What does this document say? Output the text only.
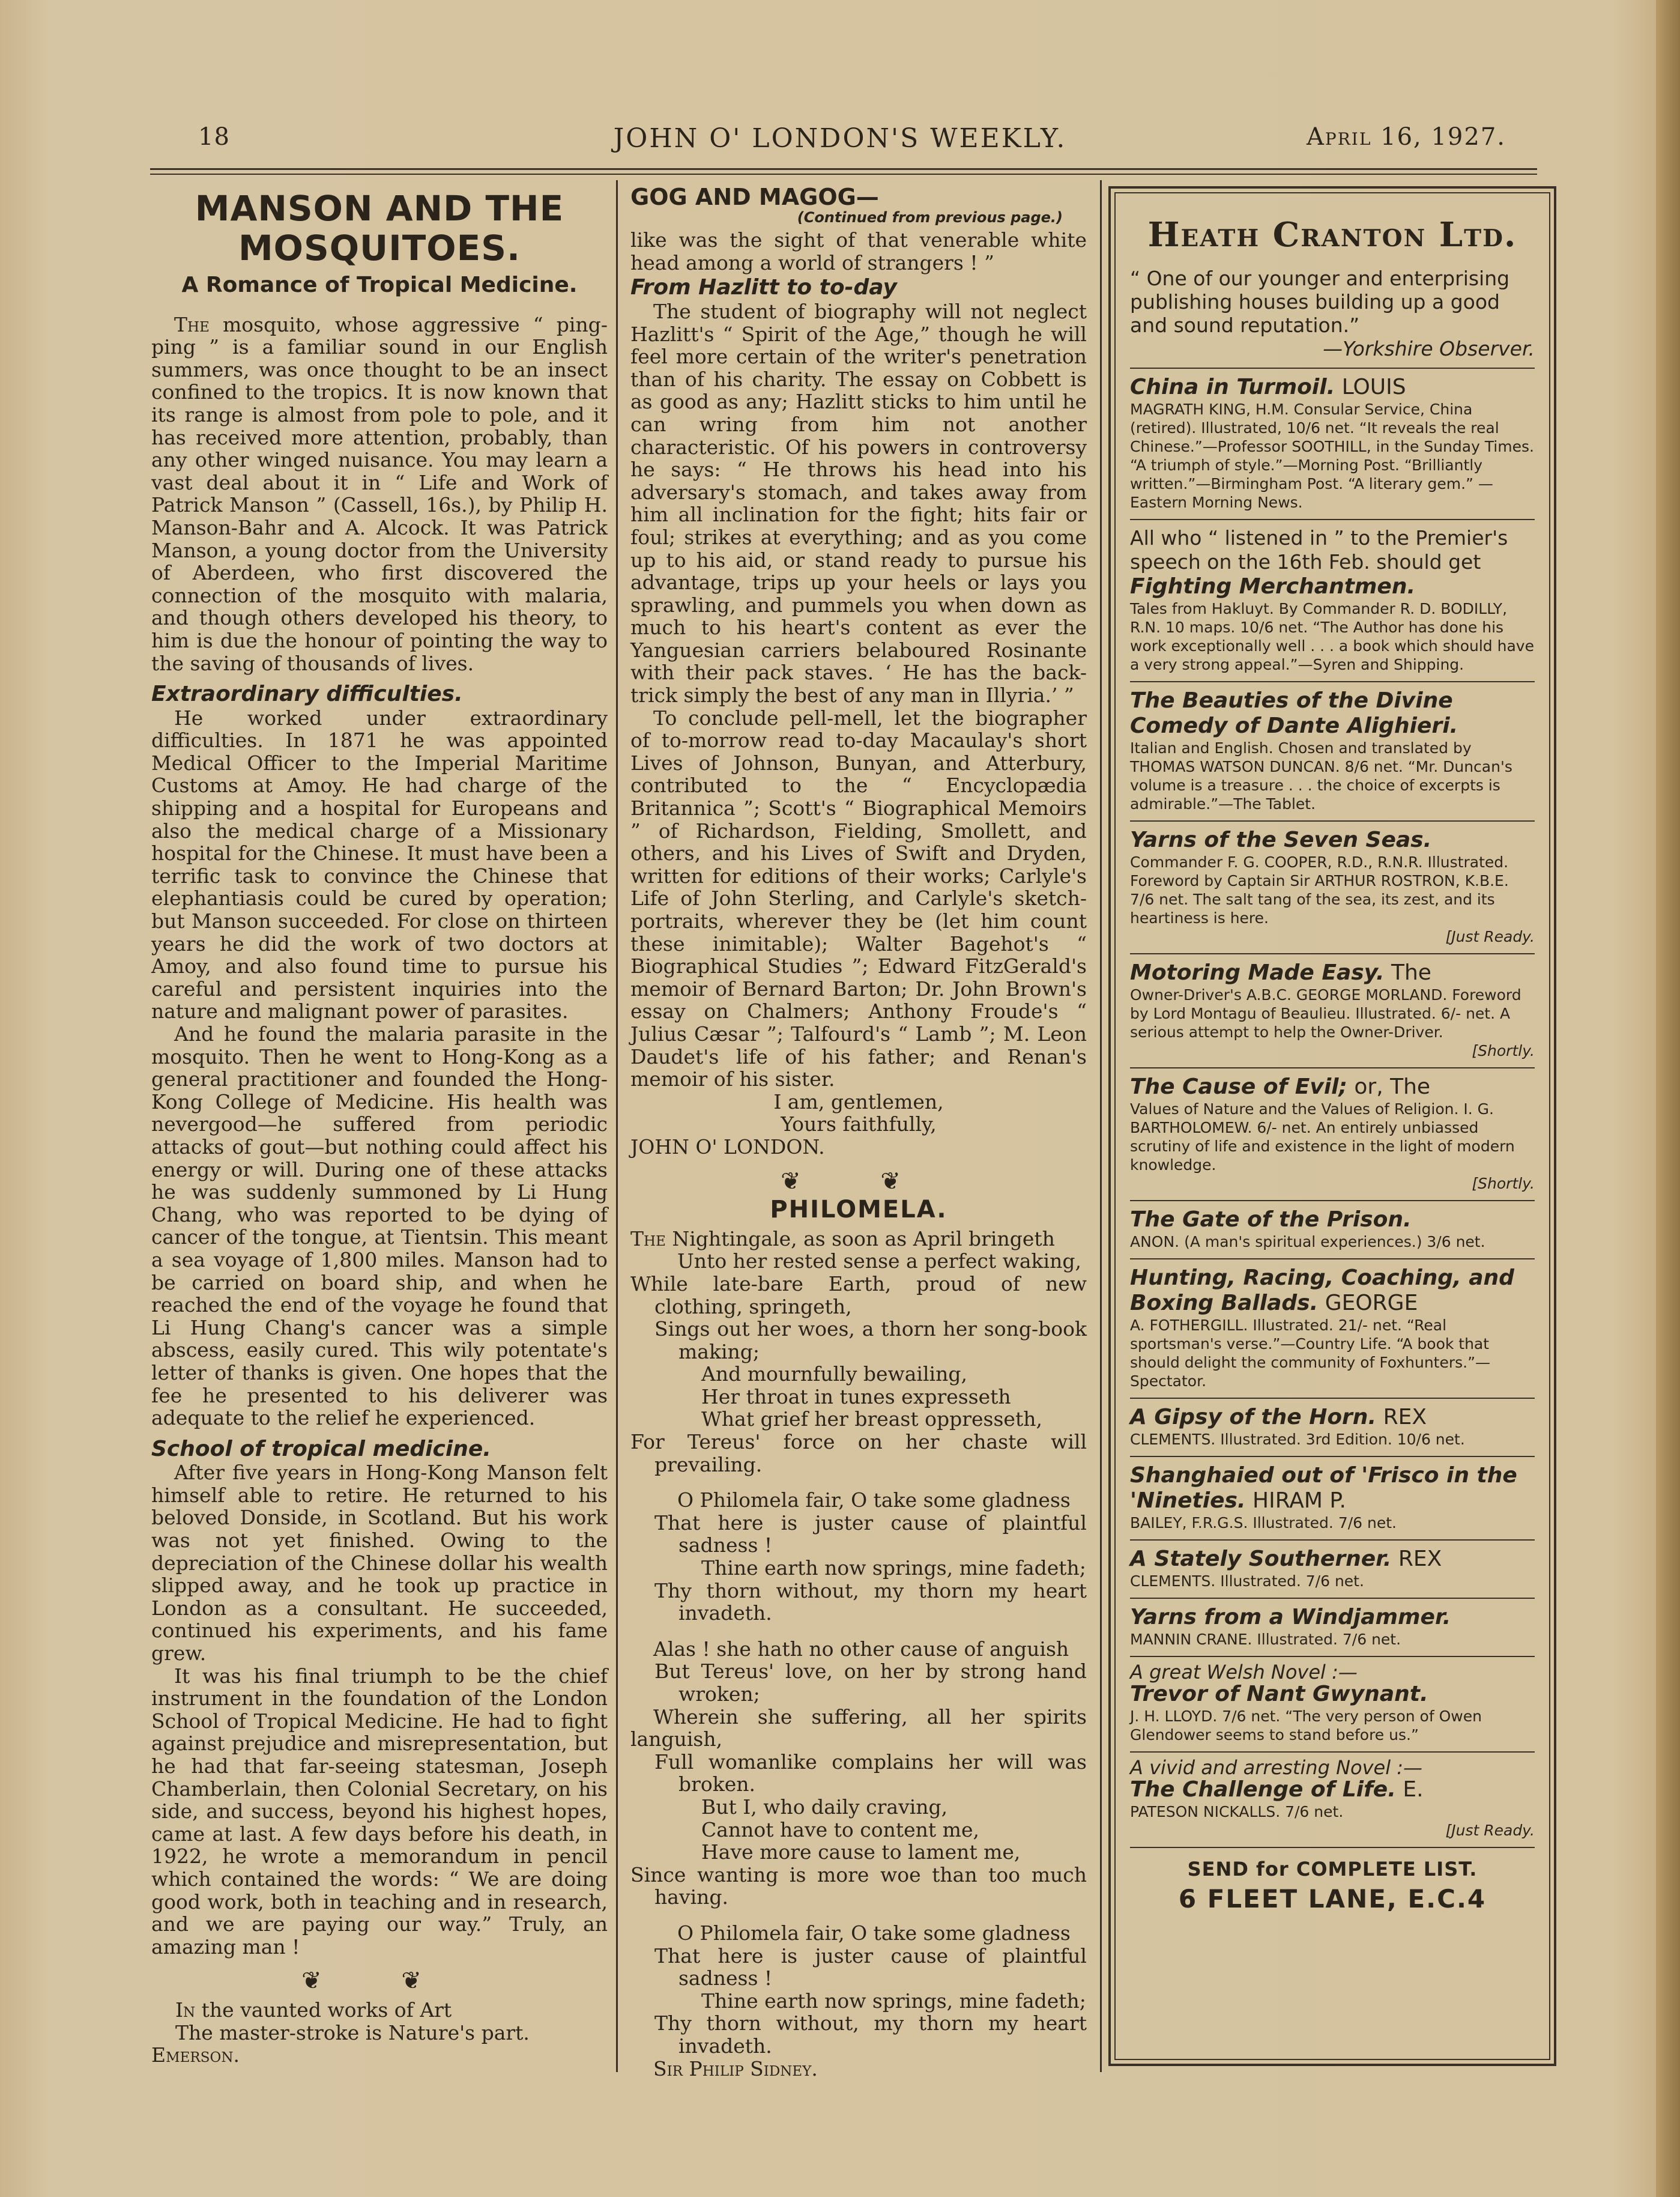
18	JOHN O' LONDON'S WEEKLY.	April 16, 1927.
MANSON AND THE MOSQUITOES.
A Romance of Tropical Medicine.

The mosquito, whose aggressive “ ping-ping ” is a familiar sound in our English summers, was once thought to be an insect confined to the tropics. It is now known that its range is almost from pole to pole, and it has received more attention, probably, than any other winged nuisance. You may learn a vast deal about it in “ Life and Work of Patrick Manson ” (Cassell, 16s.), by Philip H. Manson-Bahr and A. Alcock. It was Patrick Manson, a young doctor from the University of Aberdeen, who first discovered the connection of the mosquito with malaria, and though others developed his theory, to him is due the honour of pointing the way to the saving of thousands of lives.

Extraordinary difficulties.

He worked under extraordinary difficulties. In 1871 he was appointed Medical Officer to the Imperial Maritime Customs at Amoy. He had charge of the shipping and a hospital for Europeans and also the medical charge of a Missionary hospital for the Chinese. It must have been a terrific task to convince the Chinese that elephantiasis could be cured by operation; but Manson succeeded. For close on thirteen years he did the work of two doctors at Amoy, and also found time to pursue his careful and persistent inquiries into the nature and malignant power of parasites.

And he found the malaria parasite in the mosquito. Then he went to Hong-Kong as a general practitioner and founded the Hong-Kong College of Medicine. His health was nevergood—he suffered from periodic attacks of gout—but nothing could affect his energy or will. During one of these attacks he was suddenly summoned by Li Hung Chang, who was reported to be dying of cancer of the tongue, at Tientsin. This meant a sea voyage of 1,800 miles. Manson had to be carried on board ship, and when he reached the end of the voyage he found that Li Hung Chang's cancer was a simple abscess, easily cured. This wily potentate's letter of thanks is given. One hopes that the fee he presented to his deliverer was adequate to the relief he experienced.

School of tropical medicine.

After five years in Hong-Kong Manson felt himself able to retire. He returned to his beloved Donside, in Scotland. But his work was not yet finished. Owing to the depreciation of the Chinese dollar his wealth slipped away, and he took up practice in London as a consultant. He succeeded, continued his experiments, and his fame grew.

It was his final triumph to be the chief instrument in the foundation of the London School of Tropical Medicine. He had to fight against prejudice and misrepresentation, but he had that far-seeing statesman, Joseph Chamberlain, then Colonial Secretary, on his side, and success, beyond his highest hopes, came at last. A few days before his death, in 1922, he wrote a memorandum in pencil which contained the words: “ We are doing good work, both in teaching and in research, and we are paying our way.” Truly, an amazing man !

❦ ❦

In the vaunted works of Art

The master-stroke is Nature's part.

Emerson.

GOG AND MAGOG—
(Continued from previous page.)

like was the sight of that venerable white head among a world of strangers ! ”

From Hazlitt to to-day

The student of biography will not neglect Hazlitt's “ Spirit of the Age,” though he will feel more certain of the writer's penetration than of his charity. The essay on Cobbett is as good as any; Hazlitt sticks to him until he can wring from him not another characteristic. Of his powers in controversy he says: “ He throws his head into his adversary's stomach, and takes away from him all inclination for the fight; hits fair or foul; strikes at everything; and as you come up to his aid, or stand ready to pursue his advantage, trips up your heels or lays you sprawling, and pummels you when down as much to his heart's content as ever the Yanguesian carriers belaboured Rosinante with their pack staves. ‘ He has the back-trick simply the best of any man in Illyria.’ ”

To conclude pell-mell, let the biographer of to-morrow read to-day Macaulay's short Lives of Johnson, Bunyan, and Atterbury, contributed to the “ Encyclopædia Britannica ”; Scott's “ Biographical Memoirs ” of Richardson, Fielding, Smollett, and others, and his Lives of Swift and Dryden, written for editions of their works; Carlyle's Life of John Sterling, and Carlyle's sketch-portraits, wherever they be (let him count these inimitable); Walter Bagehot's “ Biographical Studies ”; Edward FitzGerald's memoir of Bernard Barton; Dr. John Brown's essay on Chalmers; Anthony Froude's “ Julius Cæsar ”; Talfourd's “ Lamb ”; M. Leon Daudet's life of his father; and Renan's memoir of his sister.

I am, gentlemen,

Yours faithfully,

JOHN O' LONDON.

❦ ❦
PHILOMELA.

The Nightingale, as soon as April bringeth

Unto her rested sense a perfect waking,

While late-bare Earth, proud of new clothing, springeth,

Sings out her woes, a thorn her song-book making;

And mournfully bewailing,

Her throat in tunes expresseth

What grief her breast oppresseth,

For Tereus' force on her chaste will prevailing.

O Philomela fair, O take some gladness

That here is juster cause of plaintful sadness !

Thine earth now springs, mine fadeth;

Thy thorn without, my thorn my heart invadeth.

Alas ! she hath no other cause of anguish

But Tereus' love, on her by strong hand wroken;

Wherein she suffering, all her spirits languish,

Full womanlike complains her will was broken.

But I, who daily craving,

Cannot have to content me,

Have more cause to lament me,

Since wanting is more woe than too much having.

O Philomela fair, O take some gladness

That here is juster cause of plaintful sadness !

Thine earth now springs, mine fadeth;

Thy thorn without, my thorn my heart invadeth.

Sir Philip Sidney.

Heath Cranton Ltd.

“ One of our younger and enterprising publishing houses building up a good and sound reputation.”

—Yorkshire Observer.

China in Turmoil. LOUIS
MAGRATH KING, H.M. Consular Service, China (retired). Illustrated, 10/6 net. “It reveals the real Chinese.”—Professor SOOTHILL, in the Sunday Times. “A triumph of style.”—Morning Post. “Brilliantly written.”—Birmingham Post. “A literary gem.” —Eastern Morning News.
All who “ listened in ” to the Premier's speech on the 16th Feb. should get Fighting Merchantmen.
Tales from Hakluyt. By Commander R. D. BODILLY, R.N. 10 maps. 10/6 net. “The Author has done his work exceptionally well . . . a book which should have a very strong appeal.”—Syren and Shipping.
The Beauties of the Divine Comedy of Dante Alighieri.
Italian and English. Chosen and translated by THOMAS WATSON DUNCAN. 8/6 net. “Mr. Duncan's volume is a treasure . . . the choice of excerpts is admirable.”—The Tablet.
Yarns of the Seven Seas.
Commander F. G. COOPER, R.D., R.N.R. Illustrated. Foreword by Captain Sir ARTHUR ROSTRON, K.B.E. 7/6 net. The salt tang of the sea, its zest, and its heartiness is here.
[Just Ready.
Motoring Made Easy. The
Owner-Driver's A.B.C. GEORGE MORLAND. Foreword by Lord Montagu of Beaulieu. Illustrated. 6/- net. A serious attempt to help the Owner-Driver.
[Shortly.
The Cause of Evil; or, The
Values of Nature and the Values of Religion. I. G. BARTHOLOMEW. 6/- net. An entirely unbiassed scrutiny of life and existence in the light of modern knowledge.
[Shortly.
The Gate of the Prison.
ANON. (A man's spiritual experiences.) 3/6 net.
Hunting, Racing, Coaching, and Boxing Ballads. GEORGE
A. FOTHERGILL. Illustrated. 21/- net. “Real sportsman's verse.”—Country Life. “A book that should delight the community of Foxhunters.”—Spectator.
A Gipsy of the Horn. REX
CLEMENTS. Illustrated. 3rd Edition. 10/6 net.
Shanghaied out of 'Frisco in the 'Nineties. HIRAM P.
BAILEY, F.R.G.S. Illustrated. 7/6 net.
A Stately Southerner. REX
CLEMENTS. Illustrated. 7/6 net.
Yarns from a Windjammer.
MANNIN CRANE. Illustrated. 7/6 net.

A great Welsh Novel :—

Trevor of Nant Gwynant.
J. H. LLOYD. 7/6 net. “The very person of Owen Glendower seems to stand before us.”

A vivid and arresting Novel :—

The Challenge of Life. E.
PATESON NICKALLS. 7/6 net.
[Just Ready.

SEND for COMPLETE LIST.

6 FLEET LANE, E.C.4
